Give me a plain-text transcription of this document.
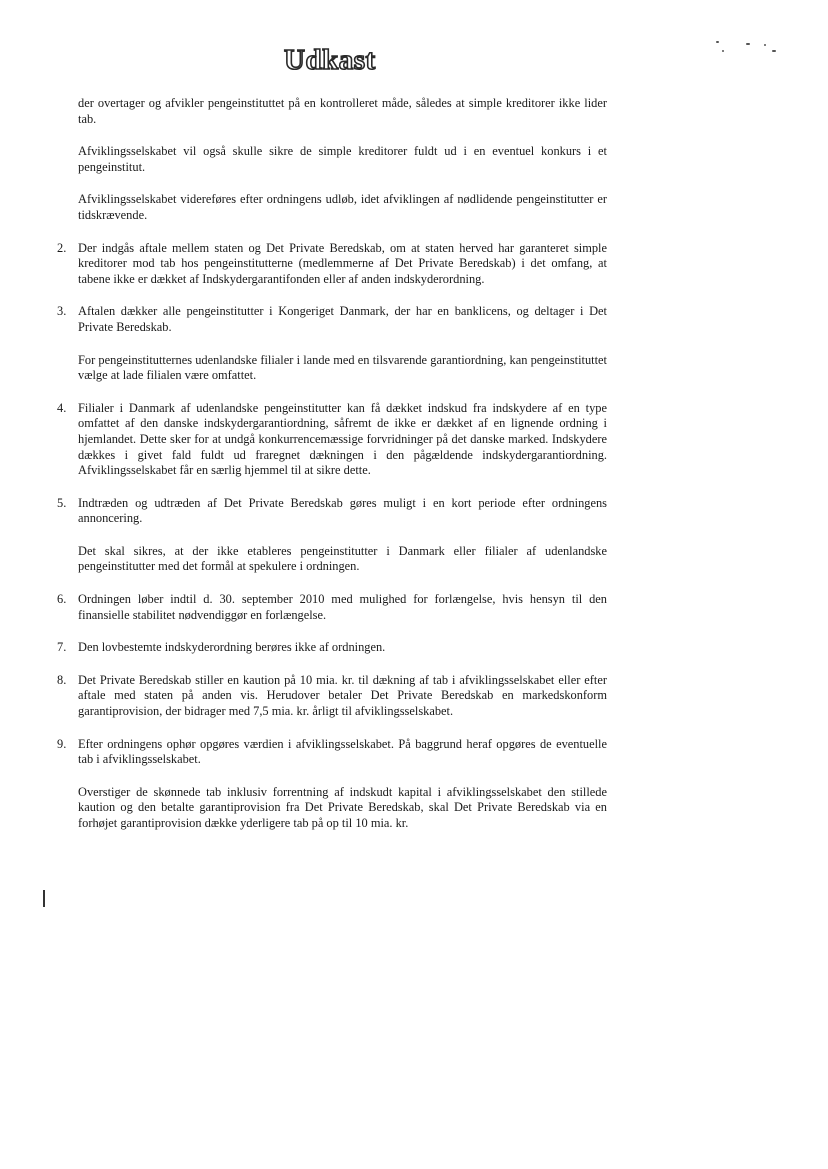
Udkast

der overtager og afvikler pengeinstituttet på en kontrolleret måde, således at simple kreditorer ikke lider tab.

Afviklingsselskabet vil også skulle sikre de simple kreditorer fuldt ud i en eventuel konkurs i et pengeinstitut.

Afviklingsselskabet videreføres efter ordningens udløb, idet afviklingen af nødlidende pengeinstitutter er tidskrævende.

2. Der indgås aftale mellem staten og Det Private Beredskab, om at staten herved har garanteret simple kreditorer mod tab hos pengeinstitutterne (medlemmerne af Det Private Beredskab) i det omfang, at tabene ikke er dækket af Indskydergarantifonden eller af anden indskyderordning.
3. Aftalen dækker alle pengeinstitutter i Kongeriget Danmark, der har en banklicens, og deltager i Det Private Beredskab.

For pengeinstitutternes udenlandske filialer i lande med en tilsvarende garantiordning, kan pengeinstituttet vælge at lade filialen være omfattet.

4. Filialer i Danmark af udenlandske pengeinstitutter kan få dækket indskud fra indskydere af en type omfattet af den danske indskydergarantiordning, såfremt de ikke er dækket af en lignende ordning i hjemlandet. Dette sker for at undgå konkurrencemæssige forvridninger på det danske marked. Indskydere dækkes i givet fald fuldt ud fraregnet dækningen i den pågældende indskydergarantiordning. Afviklingsselskabet får en særlig hjemmel til at sikre dette.
5. Indtræden og udtræden af Det Private Beredskab gøres muligt i en kort periode efter ordningens annoncering.

Det skal sikres, at der ikke etableres pengeinstitutter i Danmark eller filialer af udenlandske pengeinstitutter med det formål at spekulere i ordningen.

6. Ordningen løber indtil d. 30. september 2010 med mulighed for forlængelse, hvis hensyn til den finansielle stabilitet nødvendiggør en forlængelse.
7. Den lovbestemte indskyderordning berøres ikke af ordningen.
8. Det Private Beredskab stiller en kaution på 10 mia. kr. til dækning af tab i afviklingsselskabet eller efter aftale med staten på anden vis. Herudover betaler Det Private Beredskab en markedskonform garantiprovision, der bidrager med 7,5 mia. kr. årligt til afviklingsselskabet.
9. Efter ordningens ophør opgøres værdien i afviklingsselskabet. På baggrund heraf opgøres de eventuelle tab i afviklingsselskabet.

Overstiger de skønnede tab inklusiv forrentning af indskudt kapital i afviklingsselskabet den stillede kaution og den betalte garantiprovision fra Det Private Beredskab, skal Det Private Beredskab via en forhøjet garantiprovision dække yderligere tab på op til 10 mia. kr.
